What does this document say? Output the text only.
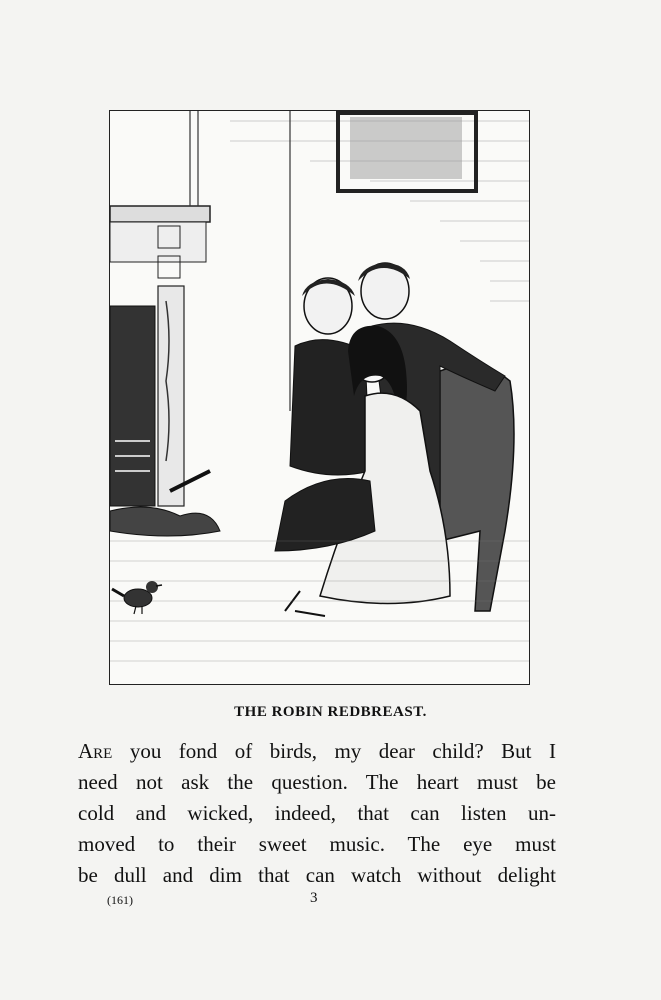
THE ROBIN REDBREAST.
Are you fond of birds, my dear child? But I
need not ask the question. The heart must be
cold and wicked, indeed, that can listen un-
moved to their sweet music. The eye must
be dull and dim that can watch without delight
(161)	3
